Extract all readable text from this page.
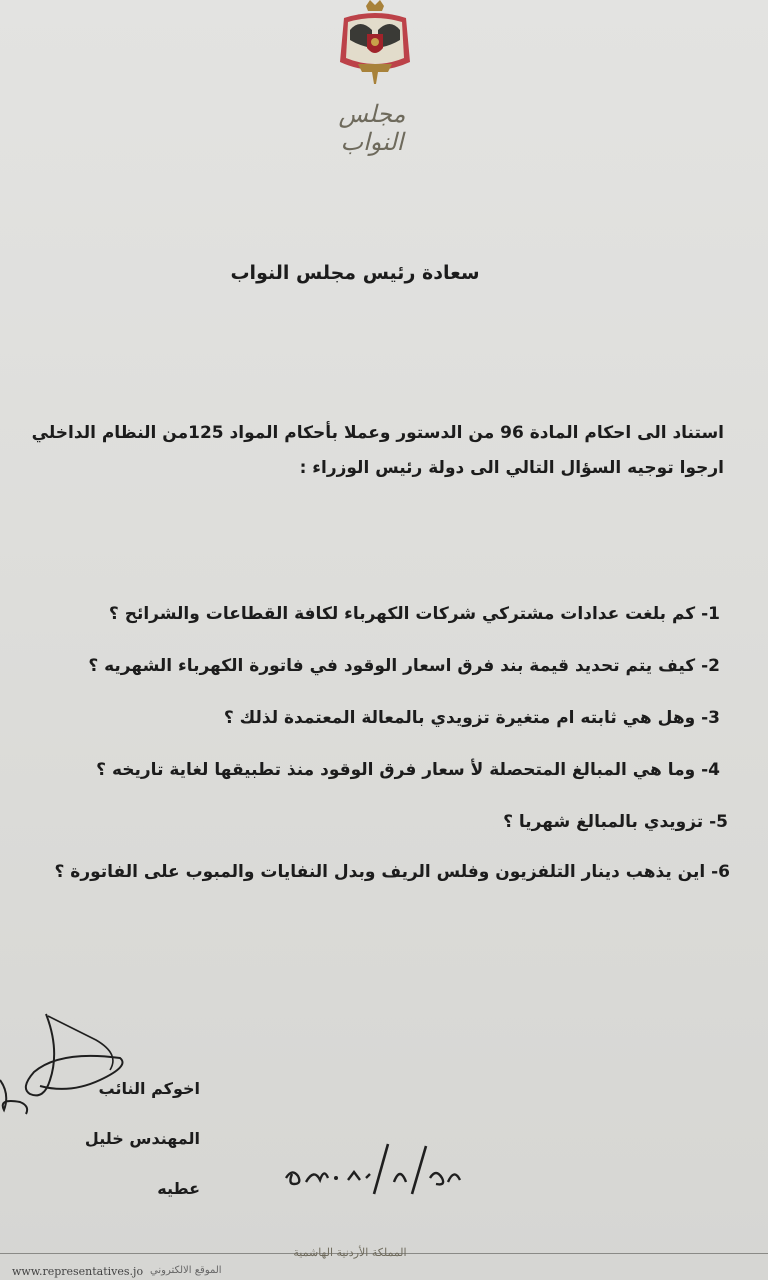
مجلس النواب
سعادة رئيس مجلس النواب

استناد الى احكام المادة 96 من الدستور وعملا بأحكام المواد 125من النظام الداخلي

ارجوا توجيه السؤال التالي الى دولة رئيس الوزراء :

1- كم بلغت عدادات مشتركي شركات الكهرباء لكافة القطاعات والشرائح ؟
2- كيف يتم تحديد قيمة بند فرق اسعار الوقود في فاتورة الكهرباء الشهريه ؟
3- وهل هي ثابته ام متغيرة تزويدي بالمعالة المعتمدة لذلك ؟
4- وما هي المبالغ المتحصلة لأ سعار فرق الوقود منذ تطبيقها لغاية تاريخه ؟
5- تزويدي بالمبالغ شهريا ؟
6- اين يذهب دينار التلفزيون وفلس الريف وبدل النفايات والمبوب على الفاتورة ؟
اخوكم النائب
المهندس خليل عطيه
المملكة الأردنية الهاشمية
www.representatives.jo الموقع الالكتروني
